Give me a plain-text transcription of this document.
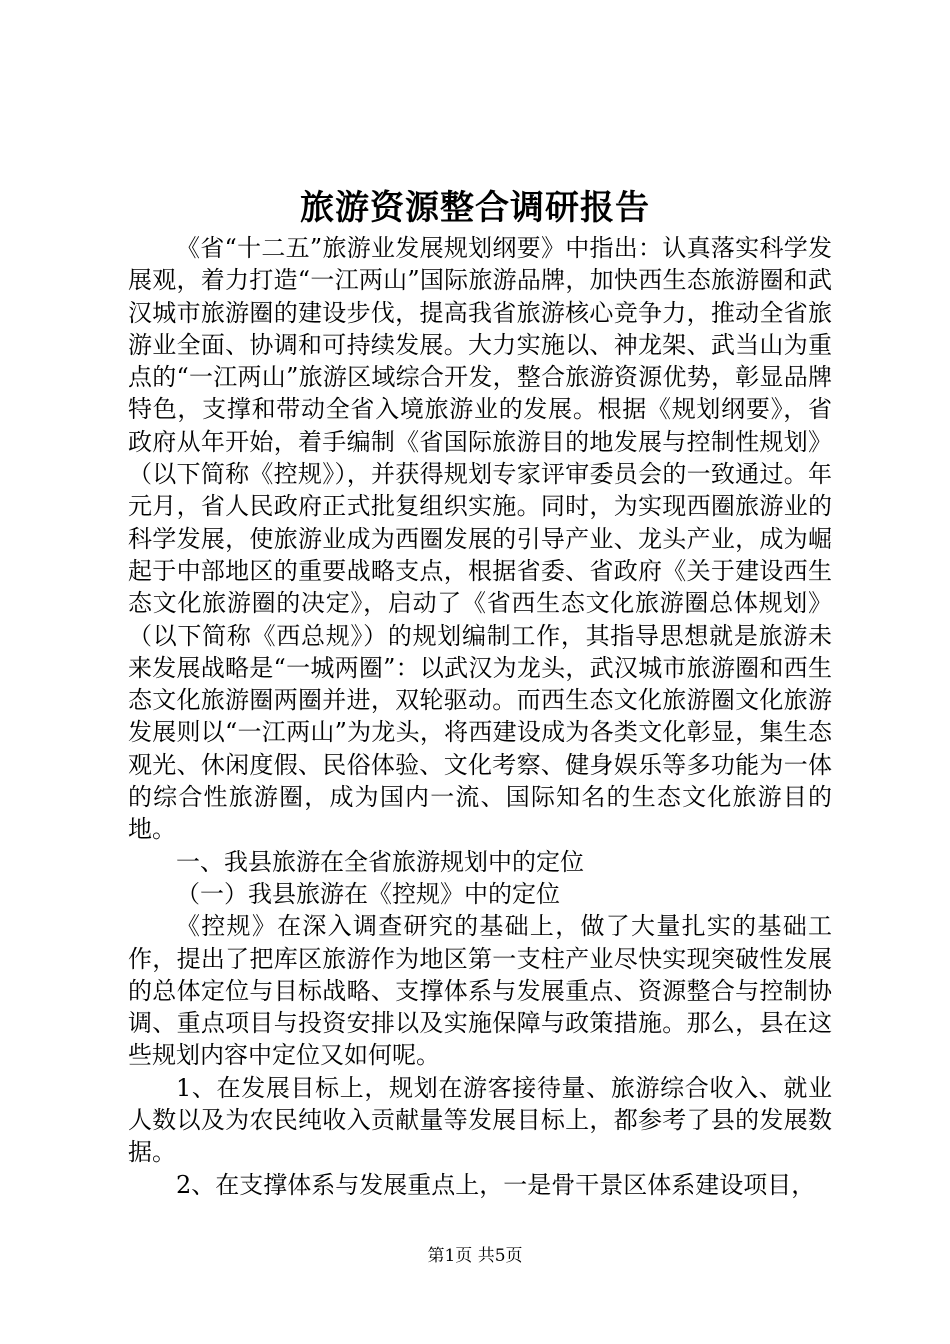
旅游资源整合调研报告

《省“十二五”旅游业发展规划纲要》中指出：认真落实科学发展观，着力打造“一江两山”国际旅游品牌，加快西生态旅游圈和武汉城市旅游圈的建设步伐，提高我省旅游核心竞争力，推动全省旅游业全面、协调和可持续发展。大力实施以、神龙架、武当山为重点的“一江两山”旅游区域综合开发，整合旅游资源优势，彰显品牌特色，支撑和带动全省入境旅游业的发展。根据《规划纲要》，省政府从年开始，着手编制《省国际旅游目的地发展与控制性规划》（以下简称《控规》），并获得规划专家评审委员会的一致通过。年元月，省人民政府正式批复组织实施。同时，为实现西圈旅游业的科学发展，使旅游业成为西圈发展的引导产业、龙头产业，成为崛起于中部地区的重要战略支点，根据省委、省政府《关于建设西生态文化旅游圈的决定》，启动了《省西生态文化旅游圈总体规划》（以下简称《西总规》）的规划编制工作，其指导思想就是旅游未来发展战略是“一城两圈”：以武汉为龙头，武汉城市旅游圈和西生态文化旅游圈两圈并进，双轮驱动。而西生态文化旅游圈文化旅游发展则以“一江两山”为龙头，将西建设成为各类文化彰显，集生态观光、休闲度假、民俗体验、文化考察、健身娱乐等多功能为一体的综合性旅游圈，成为国内一流、国际知名的生态文化旅游目的地。

一、我县旅游在全省旅游规划中的定位

（一）我县旅游在《控规》中的定位

《控规》在深入调查研究的基础上，做了大量扎实的基础工作，提出了把库区旅游作为地区第一支柱产业尽快实现突破性发展的总体定位与目标战略、支撑体系与发展重点、资源整合与控制协调、重点项目与投资安排以及实施保障与政策措施。那么，县在这些规划内容中定位又如何呢。

1、在发展目标上，规划在游客接待量、旅游综合收入、就业人数以及为农民纯收入贡献量等发展目标上，都参考了县的发展数据。

2、在支撑体系与发展重点上，一是骨干景区体系建设项目，

第1页 共5页
